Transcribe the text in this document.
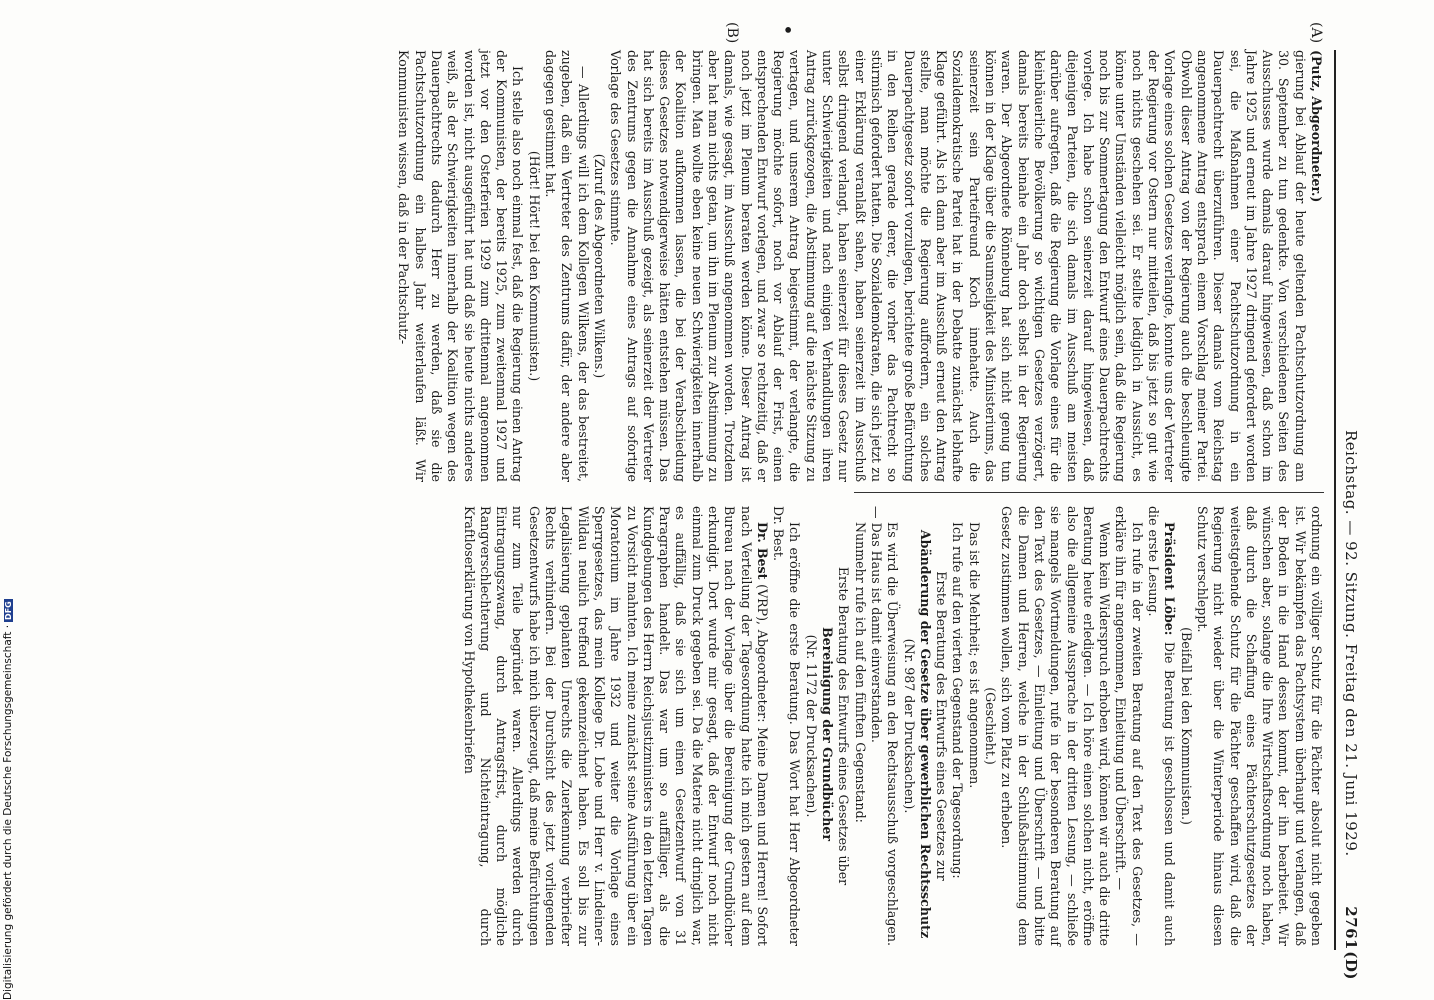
Reichstag. — 92. Sitzung. Freitag den 21. Juni 1929.
2761
(D)
(A)
•
(B)

(Putz, Abgeordneter.)

gierung bei Ablauf der heute geltenden Pachtschutzordnung am 30. September zu tun gedenkte. Von verschiedenen Seiten des Ausschusses wurde damals darauf hingewiesen, daß schon im Jahre 1925 und erneut im Jahre 1927 dringend gefordert worden sei, die Maßnahmen einer Pachtschutzordnung in ein Dauerpachtrecht überzuführen. Dieser damals vom Reichstag angenommene Antrag entsprach einem Vorschlag meiner Partei. Obwohl dieser Antrag von der Regierung auch die beschleunigte Vorlage eines solchen Gesetzes verlangte, konnte uns der Vertreter der Regierung vor Ostern nur mitteilen, daß bis jetzt so gut wie noch nichts geschehen sei. Er stellte lediglich in Aussicht, es könne unter Umständen vielleicht möglich sein, daß die Regierung noch bis zur Sommertagung den Entwurf eines Dauerpachtrechts vorlege. Ich habe schon seinerzeit darauf hingewiesen, daß diejenigen Parteien, die sich damals im Ausschuß am meisten darüber aufregten, daß die Regierung die Vorlage eines für die kleinbäuerliche Bevölkerung so wichtigen Gesetzes verzögert, damals bereits beinahe ein Jahr doch selbst in der Regierung waren. Der Abgeordnete Rönneburg hat sich nicht genug tun können in der Klage über die Saumseligkeit des Ministeriums, das seinerzeit sein Parteifreund Koch innehatte. Auch die Sozialdemokratische Partei hat in der Debatte zunächst lebhafte Klage geführt. Als ich dann aber im Ausschuß erneut den Antrag stellte, man möchte die Regierung auffordern, ein solches Dauerpachtgesetz sofort vorzulegen, berichtete große Befürchtung in den Reihen gerade derer, die vorher das Pachtrecht so stürmisch gefordert hatten. Die Sozialdemokraten, die sich jetzt zu einer Erklärung veranlaßt sahen, haben seinerzeit im Ausschuß selbst dringend verlangt, haben seinerzeit für dieses Gesetz nur unter Schwierigkeiten und nach einigen Verhandlungen ihren Antrag zurückgezogen, die Abstimmung auf die nächste Sitzung zu vertagen, und unserem Antrag beigestimmt, der verlangte, die Regierung möchte sofort, noch vor Ablauf der Frist, einen entsprechenden Entwurf vorlegen, und zwar so rechtzeitig, daß er noch jetzt im Plenum beraten werden könne. Dieser Antrag ist damals, wie gesagt, im Ausschuß angenommen worden. Trotzdem aber hat man nichts getan, um ihn im Plenum zur Abstimmung zu bringen. Man wollte eben keine neuen Schwierigkeiten innerhalb der Koalition aufkommen lassen, die bei der Verabschiedung dieses Gesetzes notwendigerweise hätten entstehen müssen. Das hat sich bereits im Ausschuß gezeigt, als seinerzeit der Vertreter des Zentrums gegen die Annahme eines Antrags auf sofortige Vorlage des Gesetzes stimmte.

(Zuruf des Abgeordneten Wilkens.)

— Allerdings will ich dem Kollegen Wilkens, der das bestreitet, zugeben, daß ein Vertreter des Zentrums dafür, der andere aber dagegen gestimmt hat.

(Hört! Hört! bei den Kommunisten.)

Ich stelle also noch einmal fest, daß die Regierung einen Antrag der Kommunisten, der bereits 1925, zum zweitenmal 1927 und jetzt vor den Osterferien 1929 zum drittenmal angenommen worden ist, nicht ausgeführt hat und daß sie heute nichts anderes weiß, als der Schwierigkeiten innerhalb der Koalition wegen des Dauerpachtrechts dadurch Herr zu werden, daß sie die Pachtschutzordnung ein halbes Jahr weiterlaufen läßt. Wir Kommunisten wissen, daß in der Pachtschutz-

ordnung ein völliger Schutz für die Pächter absolut nicht gegeben ist. Wir bekämpfen das Pachtsystem überhaupt und verlangen, daß der Boden in die Hand dessen kommt, der ihn bearbeitet. Wir wünschen aber, solange die Ihre Wirtschaftsordnung noch haben, daß durch die Schaffung eines Pächterschutzgesetzes der weitestgehende Schutz für die Pächter geschaffen wird, daß die Regierung nicht wieder über die Winterperiode hinaus diesen Schutz verschleppt.

(Beifall bei den Kommunisten.)

Präsident Löbe: Die Beratung ist geschlossen und damit auch die erste Lesung.

Ich rufe in der zweiten Beratung auf den Text des Gesetzes, — erkläre ihn für angenommen, Einleitung und Überschrift. —

Wenn kein Widerspruch erhoben wird, können wir auch die dritte Beratung heute erledigen. — Ich höre einen solchen nicht, eröffne also die allgemeine Aussprache in der dritten Lesung, — schließe sie mangels Wortmeldungen, rufe in der besonderen Beratung auf den Text des Gesetzes, — Einleitung und Überschrift — und bitte die Damen und Herren, welche in der Schlußabstimmung dem Gesetz zustimmen wollen, sich vom Platz zu erheben.

(Geschieht.)

Das ist die Mehrheit; es ist angenommen.

Ich rufe auf den vierten Gegenstand der Tagesordnung:

Erste Beratung des Entwurfs eines Gesetzes zur

Abänderung der Gesetze über gewerblichen Rechtsschutz

(Nr. 987 der Drucksachen).

Es wird die Überweisung an den Rechtsausschuß vorgeschlagen. — Das Haus ist damit einverstanden.

Nunmehr rufe ich auf den fünften Gegenstand:

Erste Beratung des Entwurfs eines Gesetzes über

Bereinigung der Grundbücher

(Nr. 1172 der Drucksachen).

Ich eröffne die erste Beratung. Das Wort hat Herr Abgeordneter Dr. Best.

Dr. Best (VRP), Abgeordneter: Meine Damen und Herren! Sofort nach Verteilung der Tagesordnung hatte ich mich gestern auf dem Bureau nach der Vorlage über die Bereinigung der Grundbücher erkundigt. Dort wurde mir gesagt, daß der Entwurf noch nicht einmal zum Druck gegeben sei. Da die Materie nicht dringlich war, es auffällig, daß sie sich um einen Gesetzentwurf von 31 Paragraphen handelt. Das war um so auffälliger, als die Kundgebungen des Herrn Reichsjustizministers in den letzten Tagen zu Vorsicht mahnten. Ich meine zunächst seine Ausführung über ein Moratorium im Jahre 1932 und weiter die Vorlage eines Sperrgesetzes, das mein Kollege Dr. Lobe und Herr v. Lindeiner-Wildau neulich treffend gekennzeichnet haben. Es soll bis zur Legalisierung geplanten Unrechts die Zuerkennung verbriefter Rechts verhindern. Bei der Durchsicht des jetzt vorliegenden Gesetzentwurfs habe ich mich überzeugt, daß meine Befürchtungen nur zum Teile begründet waren. Allerdings werden durch Eintragungszwang, durch Antragsfrist, durch mögliche Rangverschlechterung und Nichteintragung, durch Kraftloserklärung von Hypothekenbriefen

Digitalisierung gefördert durch die Deutsche Forschungsgemeinschaft ·DFG
